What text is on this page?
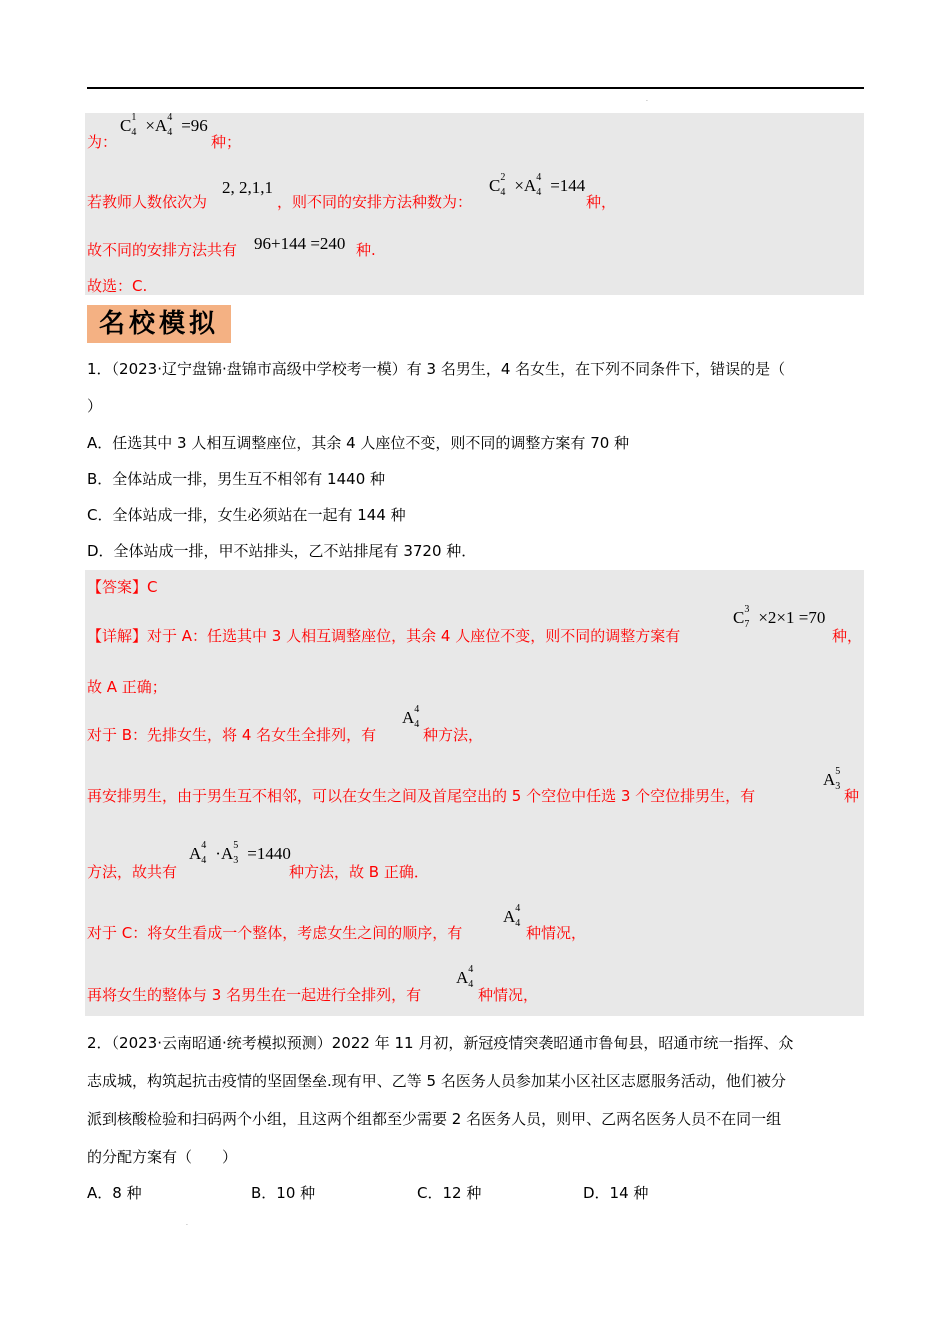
.
为：
C 1
4 ×A 4
4 =96
种；
若教师人数依次为
2, 2,1,1
，则不同的安排方法种数为：
C 2
4 ×A 4
4 =144
种，
故不同的安排方法共有 96+144 =240 种.
故选：C.
名校模拟
1．（2023·辽宁盘锦·盘锦市高级中学校考一模）有 3 名男生，4 名女生，在下列不同条件下，错误的是（
）
A．任选其中 3 人相互调整座位，其余 4 人座位不变，则不同的调整方案有 70 种
B．全体站成一排，男生互不相邻有 1440 种
C．全体站成一排，女生必须站在一起有 144 种
D．全体站成一排，甲不站排头，乙不站排尾有 3720 种．
【答案】C
【详解】对于 A：任选其中 3 人相互调整座位，其余 4 人座位不变，则不同的调整方案有
C 3
7 ×2×1 =70
种，
故 A 正确；
对于 B：先排女生，将 4 名女生全排列，有
A 4
4
种方法，
再安排男生，由于男生互不相邻，可以在女生之间及首尾空出的 5 个空位中任选 3 个空位排男生，有
A 5
3
种
方法，故共有
A 4
4 ·A 5
3 =1440
种方法，故 B 正确．
对于 C：将女生看成一个整体，考虑女生之间的顺序，有
A 4
4
种情况，
再将女生的整体与 3 名男生在一起进行全排列，有
A 4
4
种情况，
2．（2023·云南昭通·统考模拟预测）2022 年 11 月初，新冠疫情突袭昭通市鲁甸县，昭通市统一指挥、众
志成城，构筑起抗击疫情的坚固堡垒.现有甲、乙等 5 名医务人员参加某小区社区志愿服务活动，他们被分
派到核酸检验和扫码两个小组，且这两个组都至少需要 2 名医务人员，则甲、乙两名医务人员不在同一组
的分配方案有（　　）
A．8 种	B．10 种	C．12 种	D．14 种
.
